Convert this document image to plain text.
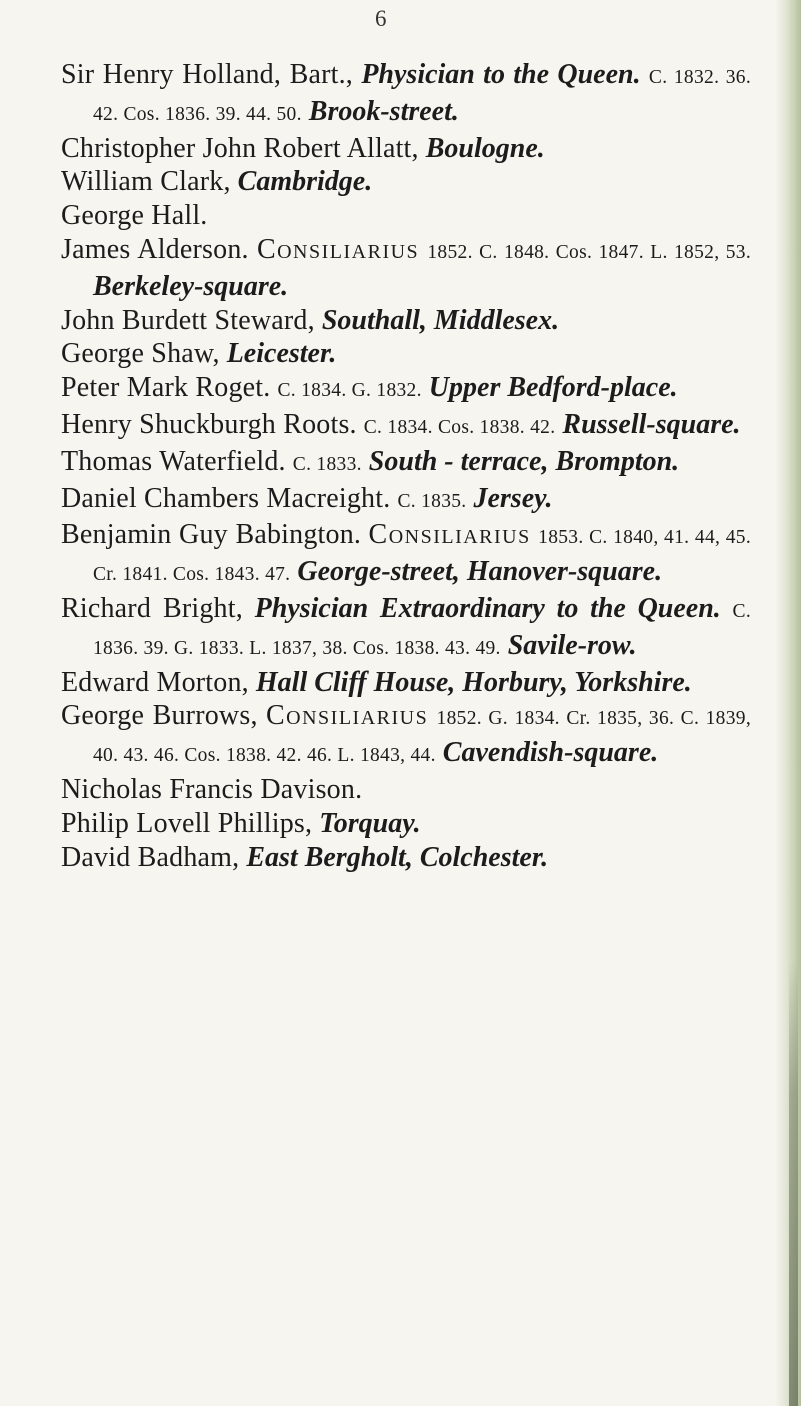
6

Sir Henry Holland, Bart., Physician to the Queen. C. 1832. 36. 42. Cos. 1836. 39. 44. 50. Brook-street.

Christopher John Robert Allatt, Boulogne.

William Clark, Cambridge.

George Hall.

James Alderson. Consiliarius 1852. C. 1848. Cos. 1847. L. 1852, 53. Berkeley-square.

John Burdett Steward, Southall, Middlesex.

George Shaw, Leicester.

Peter Mark Roget. C. 1834. G. 1832. Upper Bedford-place.

Henry Shuckburgh Roots. C. 1834. Cos. 1838. 42. Russell-square.

Thomas Waterfield. C. 1833. South - terrace, Brompton.

Daniel Chambers Macreight. C. 1835. Jersey.

Benjamin Guy Babington. Consiliarius 1853. C. 1840, 41. 44, 45. Cr. 1841. Cos. 1843. 47. George-street, Hanover-square.

Richard Bright, Physician Extraordinary to the Queen. C. 1836. 39. G. 1833. L. 1837, 38. Cos. 1838. 43. 49. Savile-row.

Edward Morton, Hall Cliff House, Horbury, Yorkshire.

George Burrows, Consiliarius 1852. G. 1834. Cr. 1835, 36. C. 1839, 40. 43. 46. Cos. 1838. 42. 46. L. 1843, 44. Cavendish-square.

Nicholas Francis Davison.

Philip Lovell Phillips, Torquay.

David Badham, East Bergholt, Colchester.
